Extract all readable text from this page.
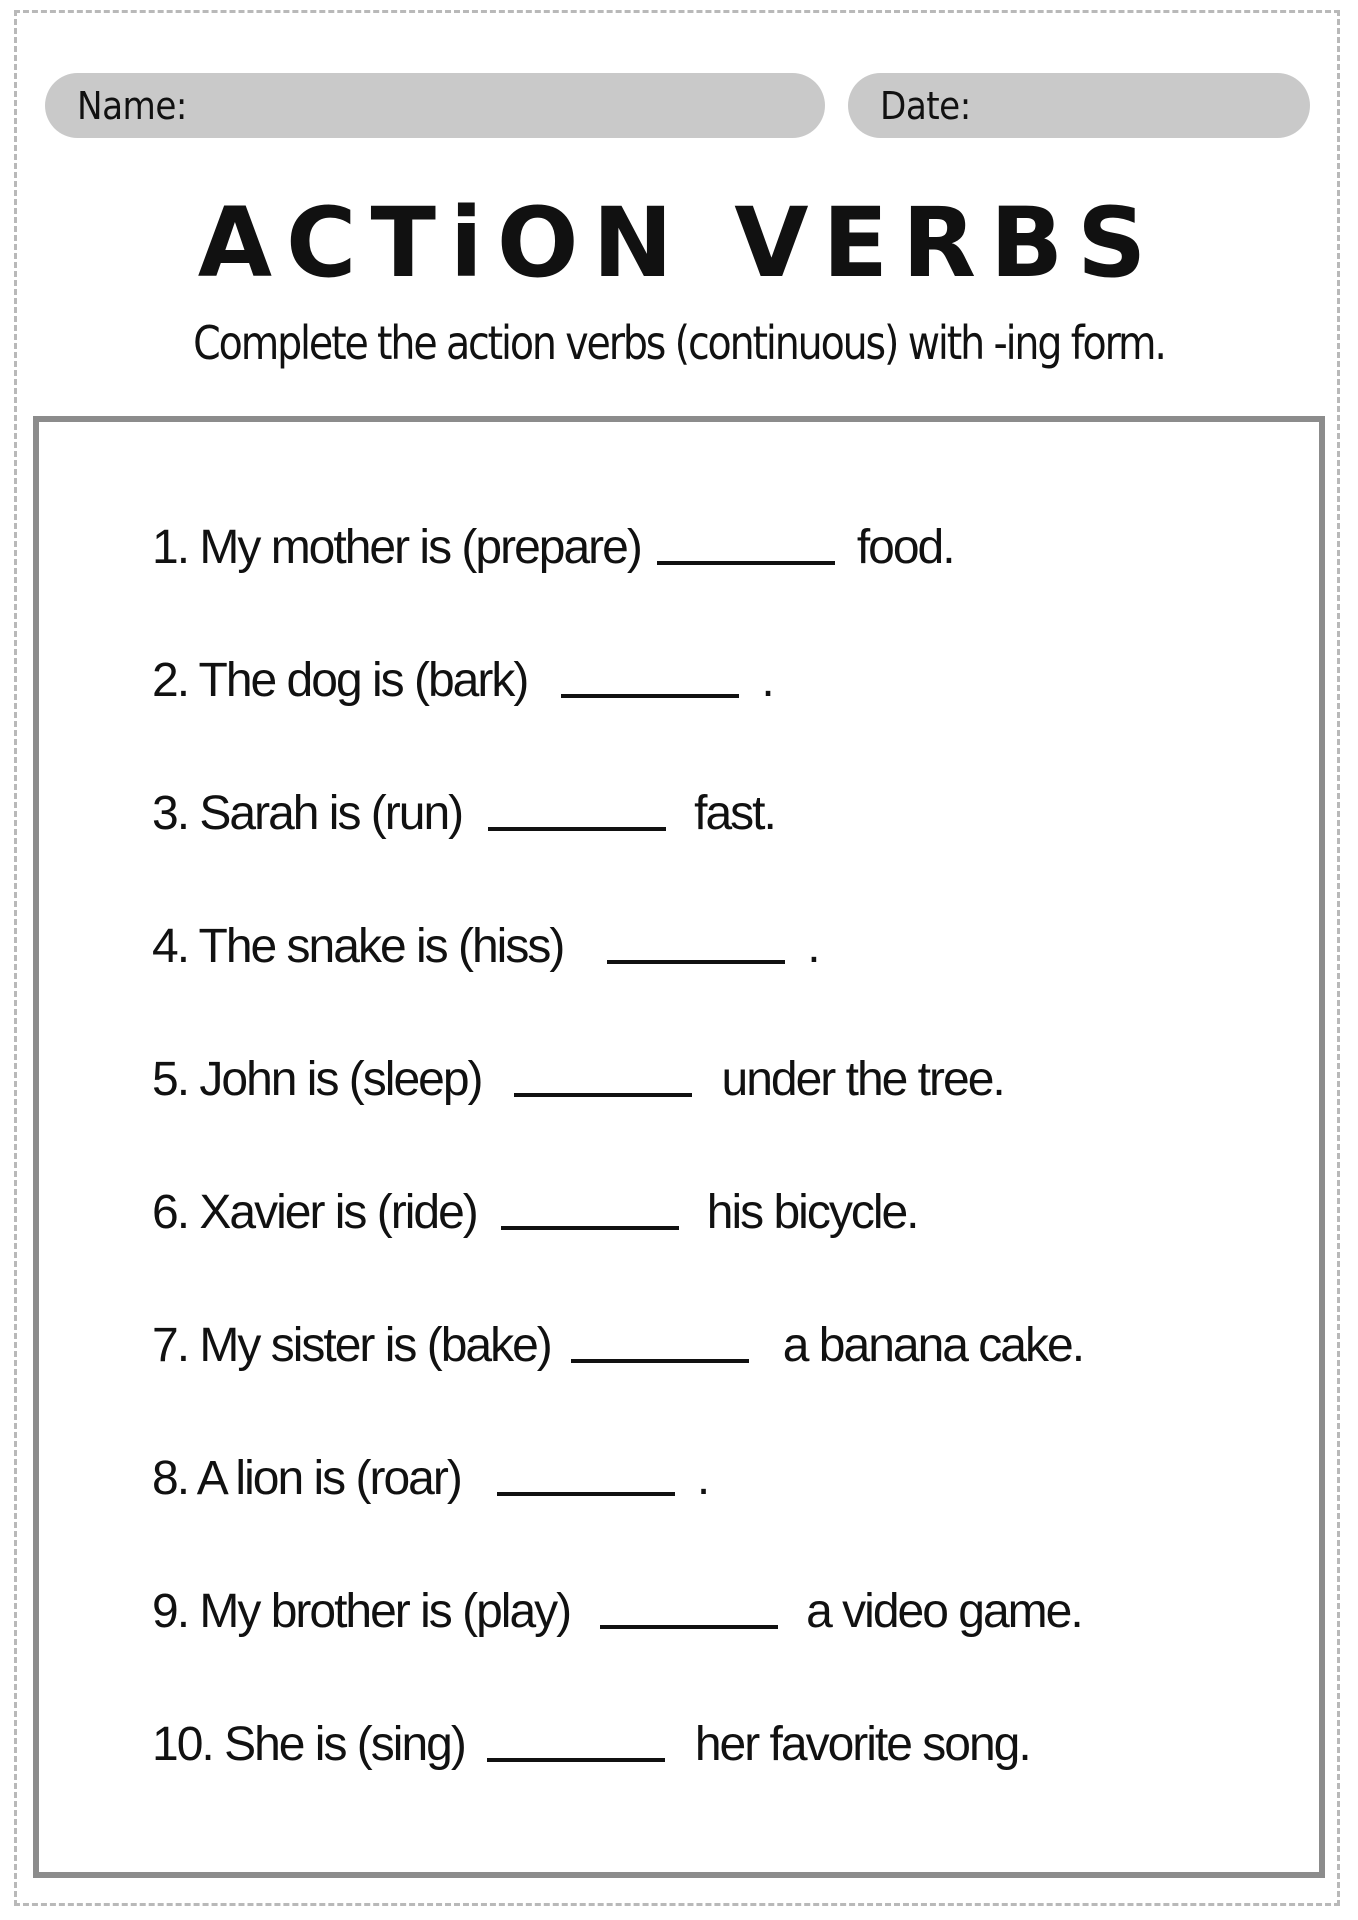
Name:	Date:
ACTiON VERBS
Complete the action verbs (continuous) with -ing form.
1. My mother is (prepare)	food.
2. The dog is (bark)	.
3. Sarah is (run)	fast.
4. The snake is (hiss)	.
5. John is (sleep)	under the tree.
6. Xavier is (ride)	his bicycle.
7. My sister is (bake)	a banana cake.
8. A lion is (roar)	.
9. My brother is (play)	a video game.
10. She is (sing)	her favorite song.
